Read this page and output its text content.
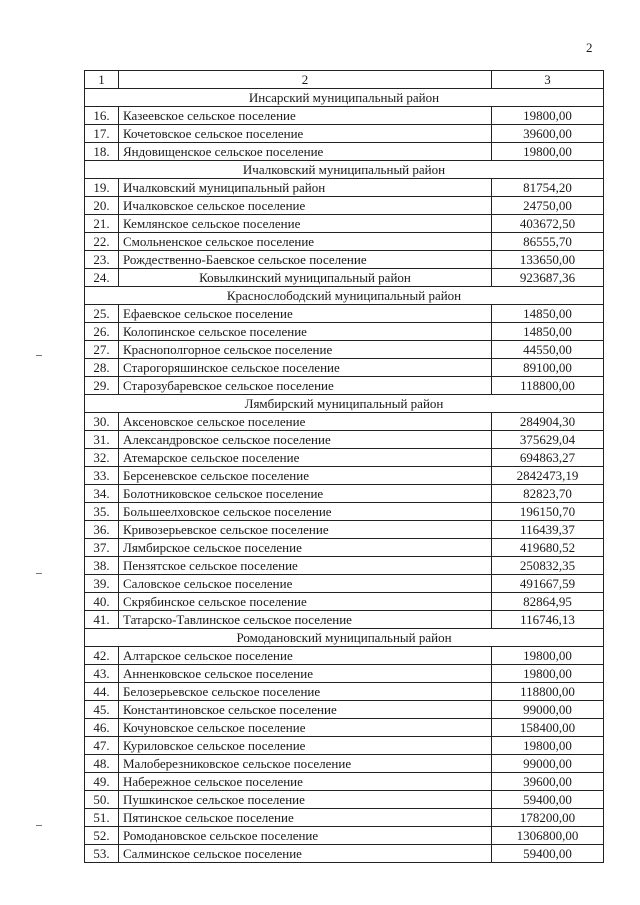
2
1	2	3
Инсарский муниципальный район		
16.	Казеевское сельское поселение	19800,00
17.	Кочетовское сельское поселение	39600,00
18.	Яндовищенское сельское поселение	19800,00
Ичалковский муниципальный район		
19.	Ичалковский муниципальный район	81754,20
20.	Ичалковское сельское поселение	24750,00
21.	Кемлянское сельское поселение	403672,50
22.	Смольненское сельское поселение	86555,70
23.	Рождественно-Баевское сельское поселение	133650,00
24.	Ковылкинский муниципальный район	923687,36
Краснослободский муниципальный район		
25.	Ефаевское сельское поселение	14850,00
26.	Колопинское сельское поселение	14850,00
27.	Краснополгорное сельское поселение	44550,00
28.	Старогоряшинское сельское поселение	89100,00
29.	Старозубаревское сельское поселение	118800,00
Лямбирский муниципальный район		
30.	Аксеновское сельское поселение	284904,30
31.	Александровское сельское поселение	375629,04
32.	Атемарское сельское поселение	694863,27
33.	Берсеневское сельское поселение	2842473,19
34.	Болотниковское сельское поселение	82823,70
35.	Большеелховское сельское поселение	196150,70
36.	Кривозерьевское сельское поселение	116439,37
37.	Лямбирское сельское поселение	419680,52
38.	Пензятское сельское поселение	250832,35
39.	Саловское сельское поселение	491667,59
40.	Скрябинское сельское поселение	82864,95
41.	Татарско-Тавлинское сельское поселение	116746,13
Ромодановский муниципальный район		
42.	Алтарское сельское поселение	19800,00
43.	Анненковское сельское поселение	19800,00
44.	Белозерьевское сельское поселение	118800,00
45.	Константиновское сельское поселение	99000,00
46.	Кочуновское сельское поселение	158400,00
47.	Куриловское сельское поселение	19800,00
48.	Малоберезниковское сельское поселение	99000,00
49.	Набережное сельское поселение	39600,00
50.	Пушкинское сельское поселение	59400,00
51.	Пятинское сельское поселение	178200,00
52.	Ромодановское сельское поселение	1306800,00
53.	Салминское сельское поселение	59400,00
